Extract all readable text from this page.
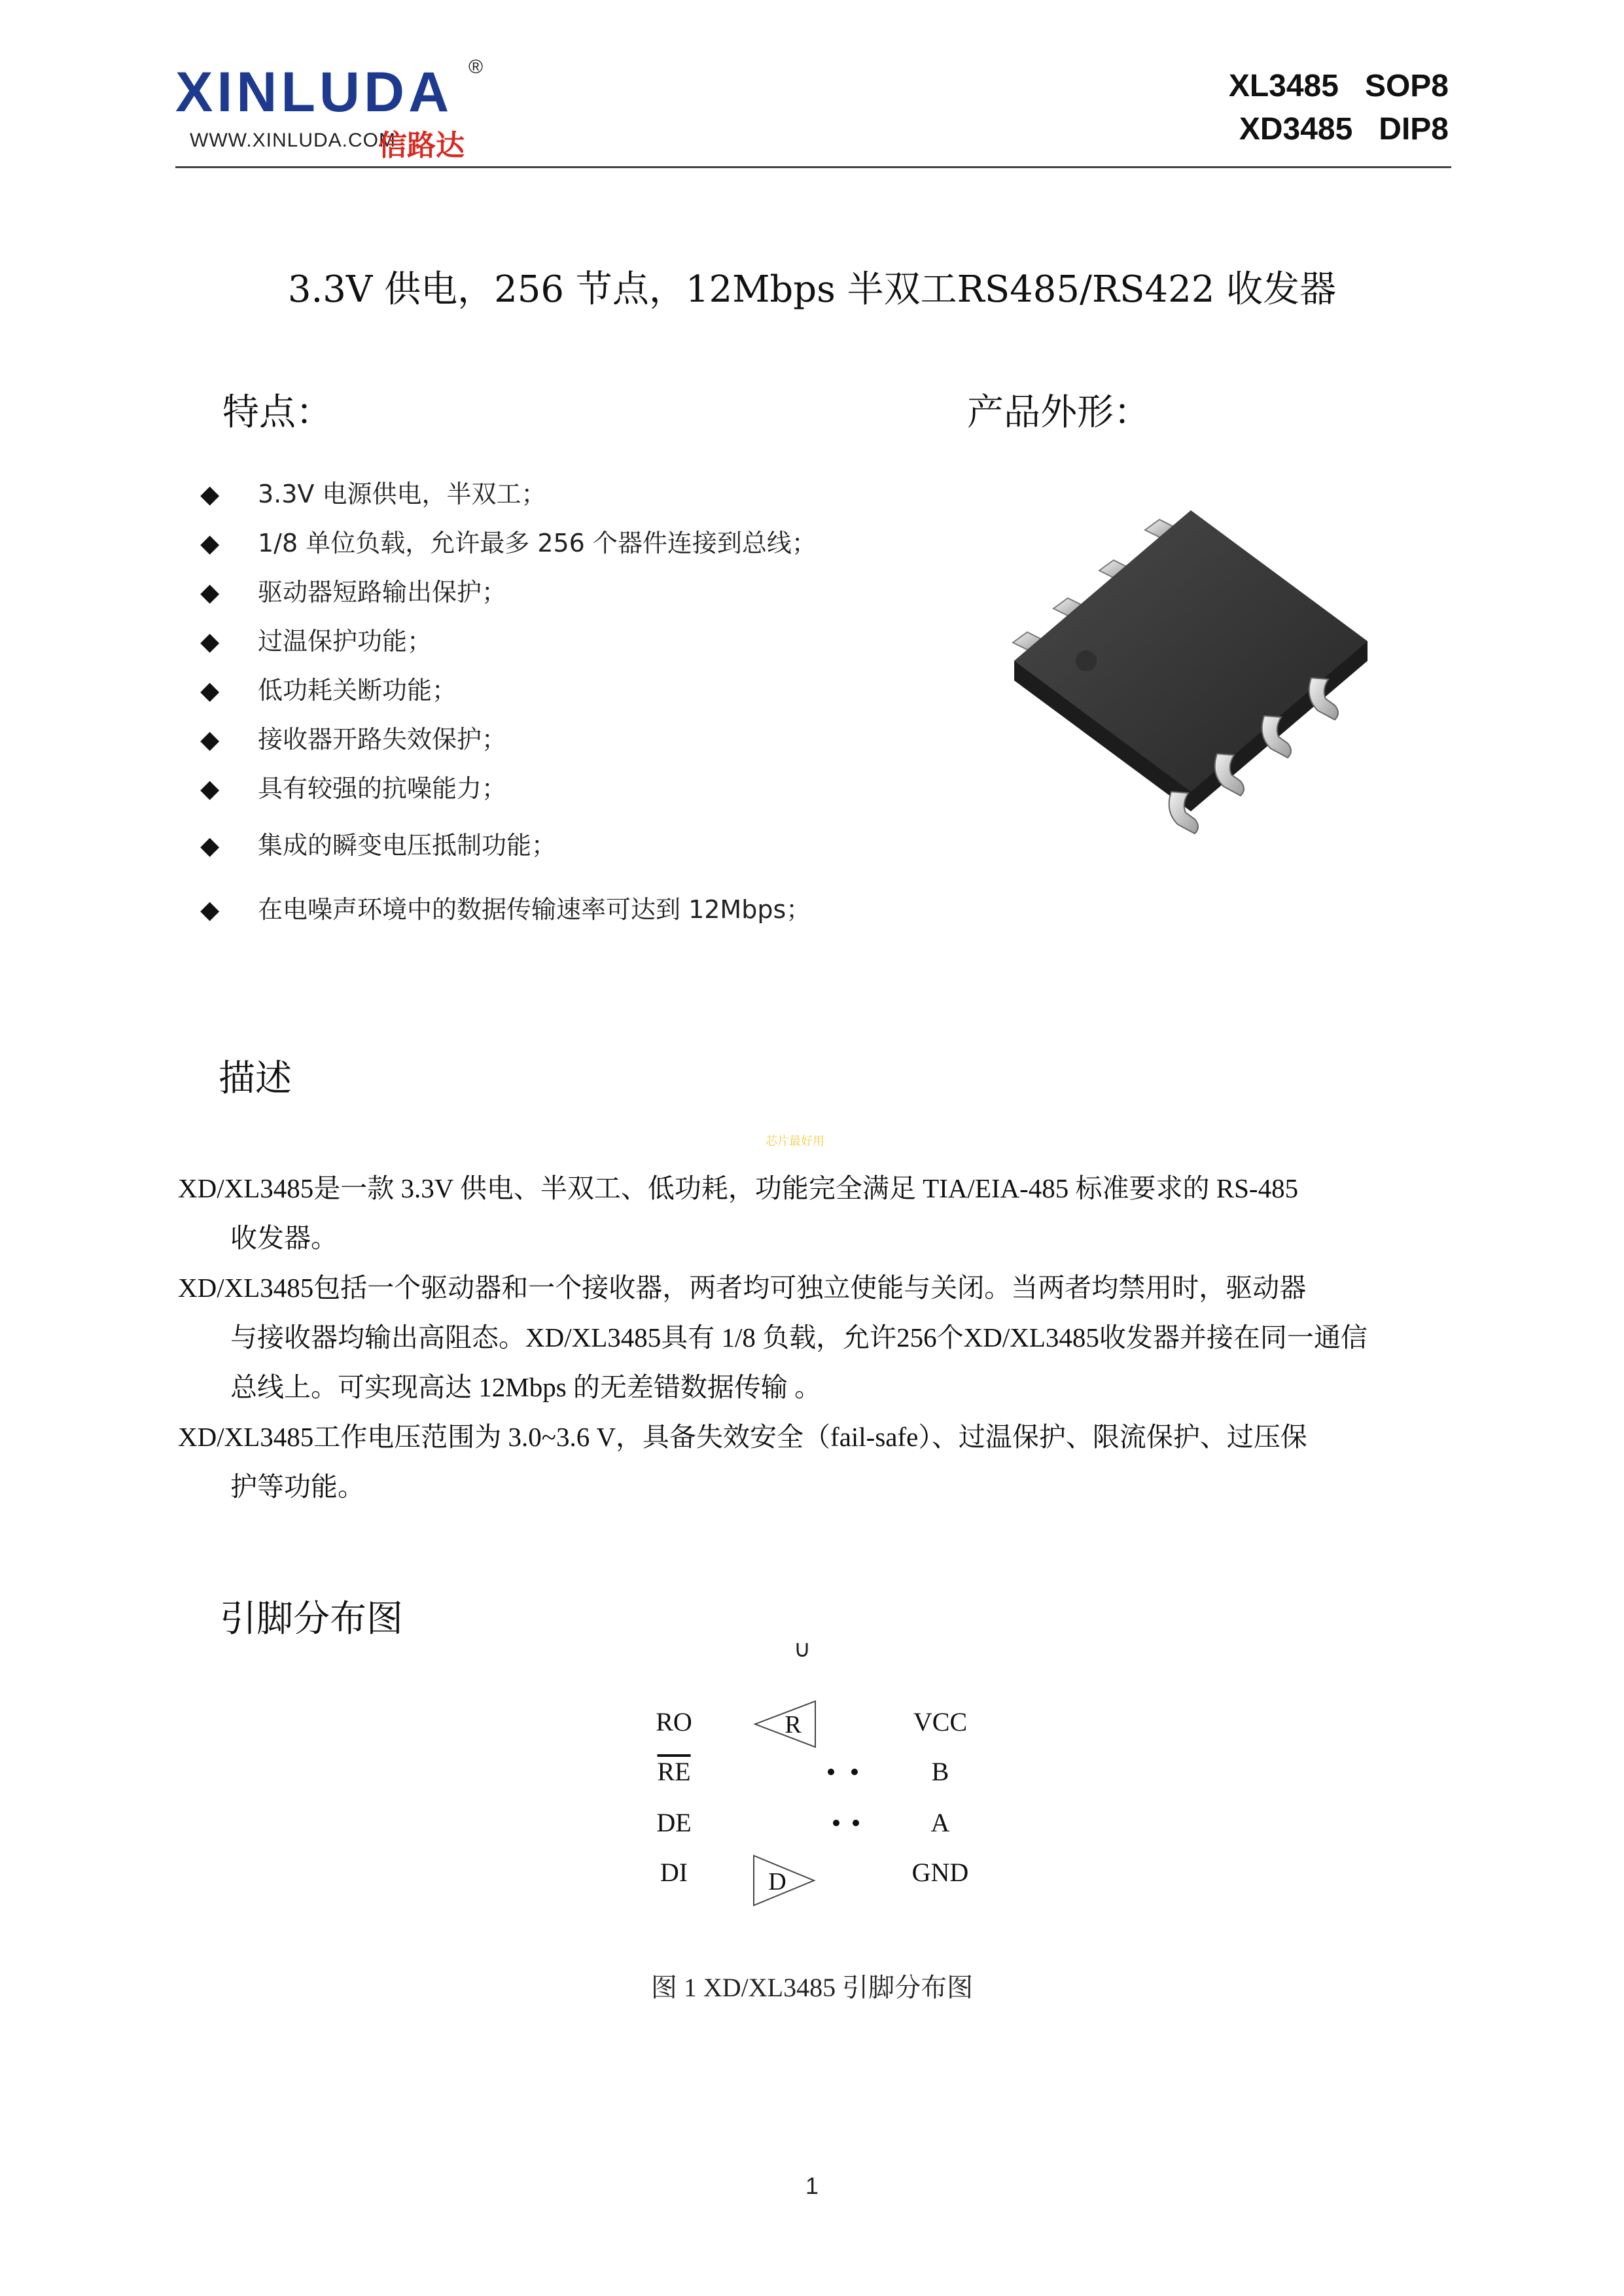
XINLUDA ®
WWW.XINLUDA.COM
信路达
XL3485   SOP8
XD3485   DIP8
3.3V 供电，256 节点，12Mbps 半双工RS485/RS422 收发器
特点：	产品外形：
◆ 3.3V 电源供电，半双工；
◆ 1/8 单位负载，允许最多 256 个器件连接到总线；
◆ 驱动器短路输出保护；
◆ 过温保护功能；
◆ 低功耗关断功能；
◆ 接收器开路失效保护；
◆ 具有较强的抗噪能力；
◆ 集成的瞬变电压抵制功能；
◆ 在电噪声环境中的数据传输速率可达到 12Mbps；
描述
芯片最好用

XD/XL3485是一款 3.3V 供电、半双工、低功耗，功能完全满足 TIA/EIA-485 标准要求的 RS-485

收发器。

XD/XL3485包括一个驱动器和一个接收器，两者均可独立使能与关闭。当两者均禁用时，驱动器

与接收器均输出高阻态。XD/XL3485具有 1/8 负载，允许256个XD/XL3485收发器并接在同一通信

总线上。可实现高达 12Mbps 的无差错数据传输 。

XD/XL3485工作电压范围为 3.0~3.6 V，具备失效安全（fail-safe）、过温保护、限流保护、过压保

护等功能。

引脚分布图
∪
RO
$\overline{RE}$
DE
DI
VCC
B
A
GND
R
D
图 1 XD/XL3485 引脚分布图
1
